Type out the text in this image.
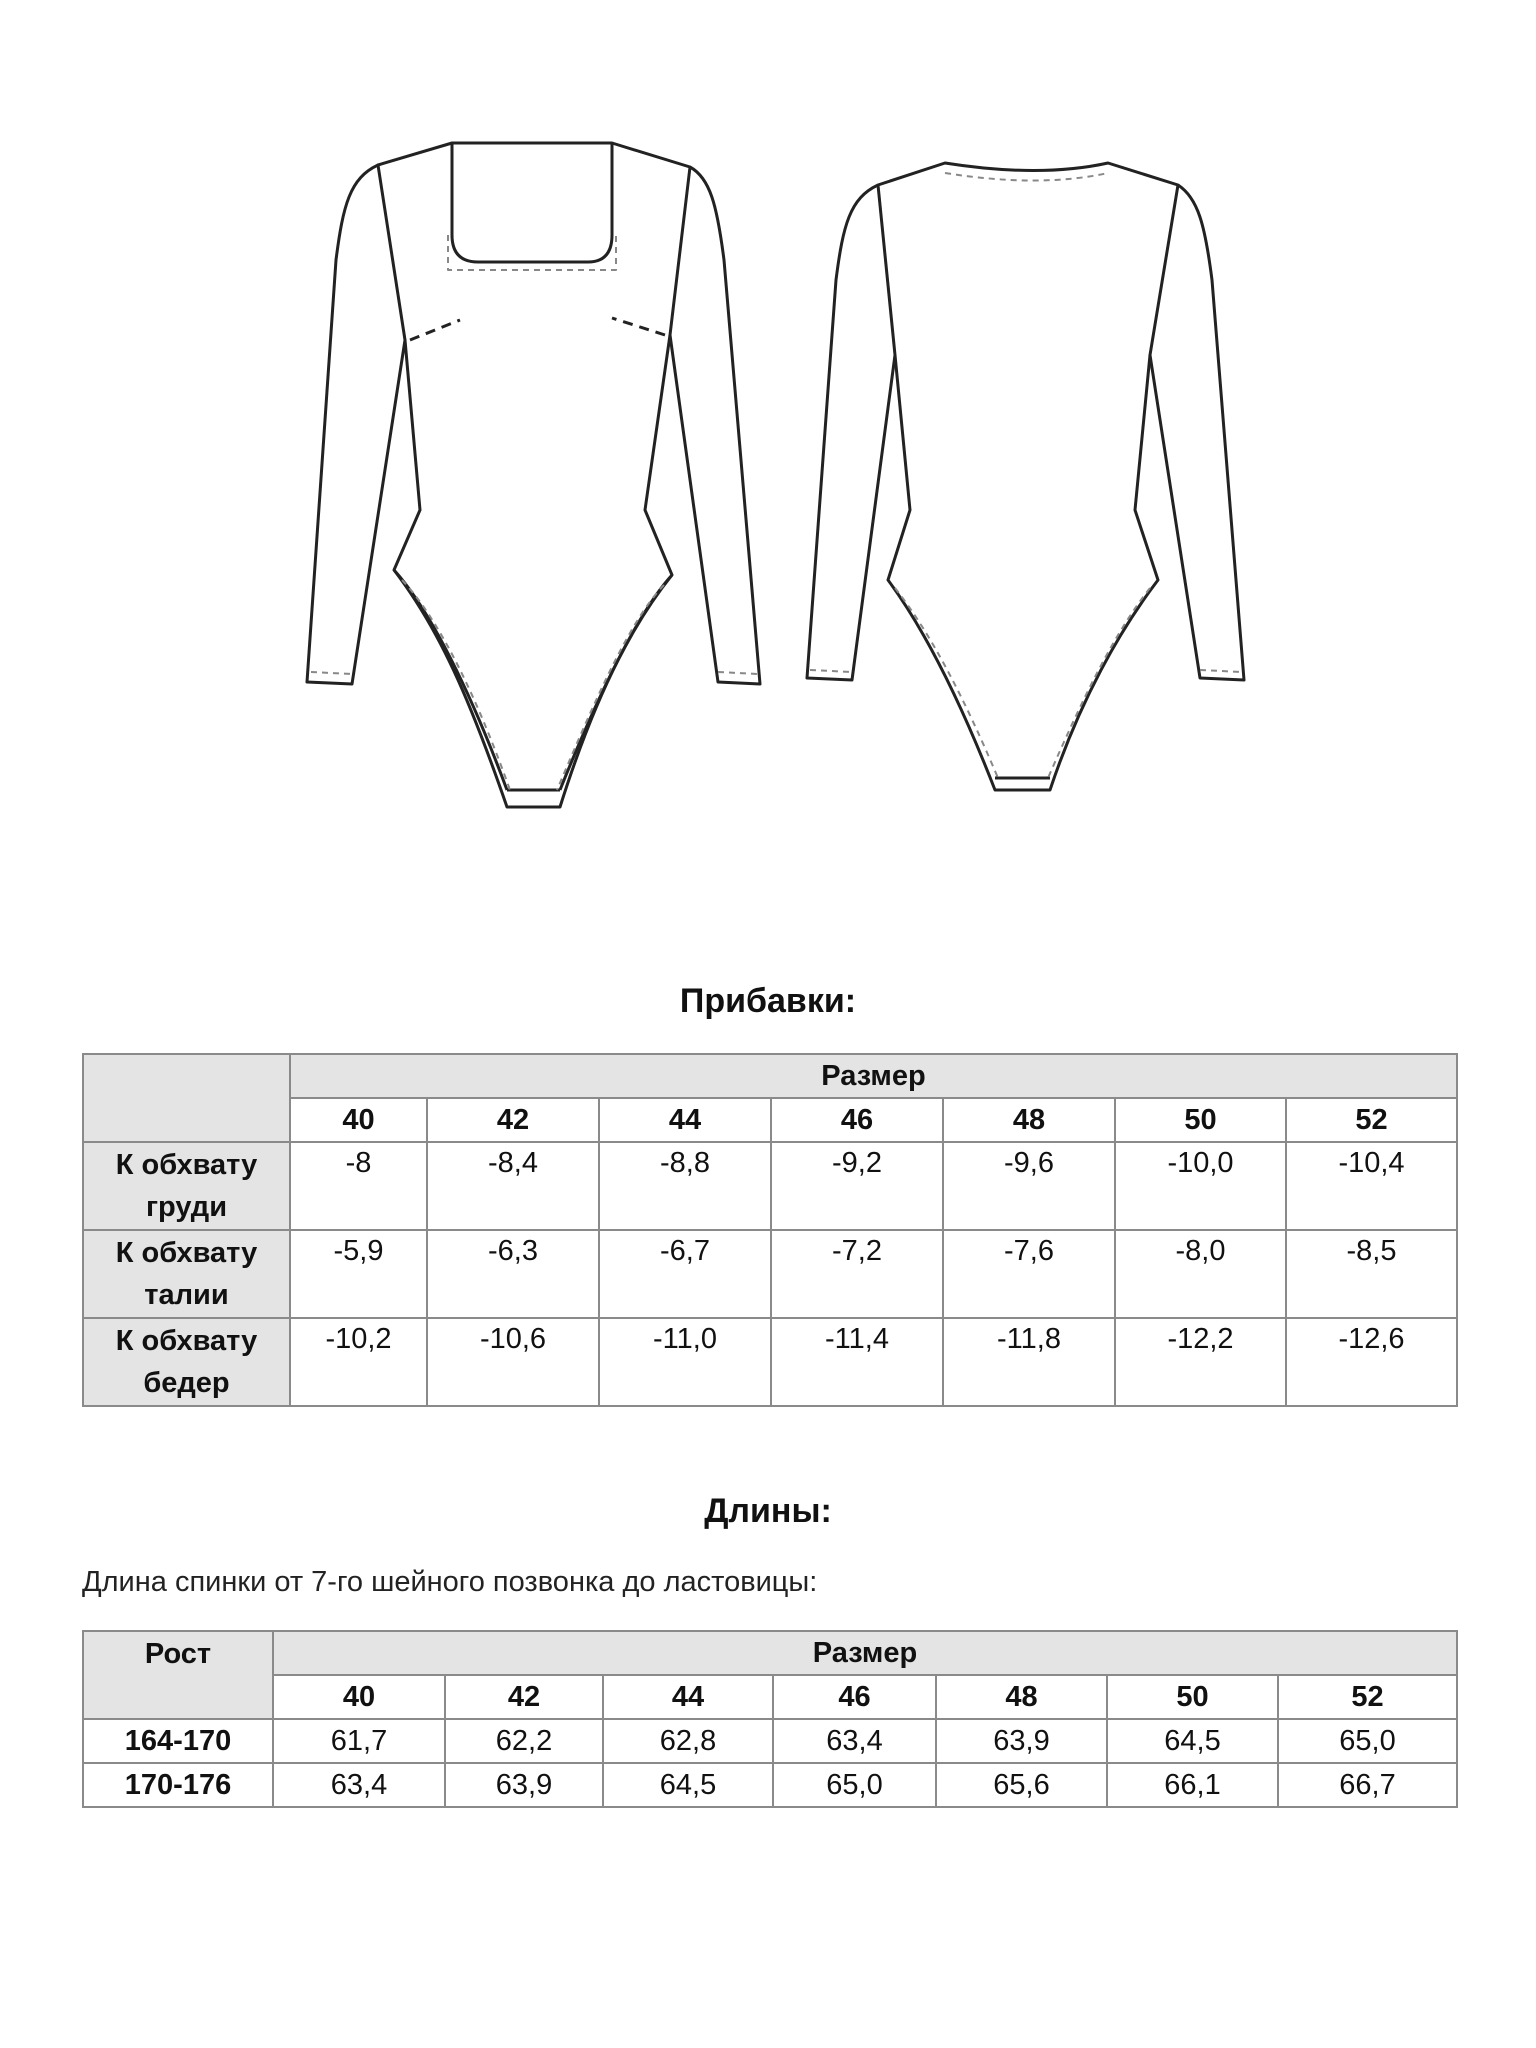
Прибавки:
	Размер						
	40	42	44	46	48	50	52
К обхвату
груди	-8	-8,4	-8,8	-9,2	-9,6	-10,0	-10,4
К обхвату
талии	-5,9	-6,3	-6,7	-7,2	-7,6	-8,0	-8,5
К обхвату
бедер	-10,2	-10,6	-11,0	-11,4	-11,8	-12,2	-12,6
Длины:
Длина спинки от 7-го шейного позвонка до ластовицы:
Рост	Размер						
	40	42	44	46	48	50	52
164-170	61,7	62,2	62,8	63,4	63,9	64,5	65,0
170-176	63,4	63,9	64,5	65,0	65,6	66,1	66,7
